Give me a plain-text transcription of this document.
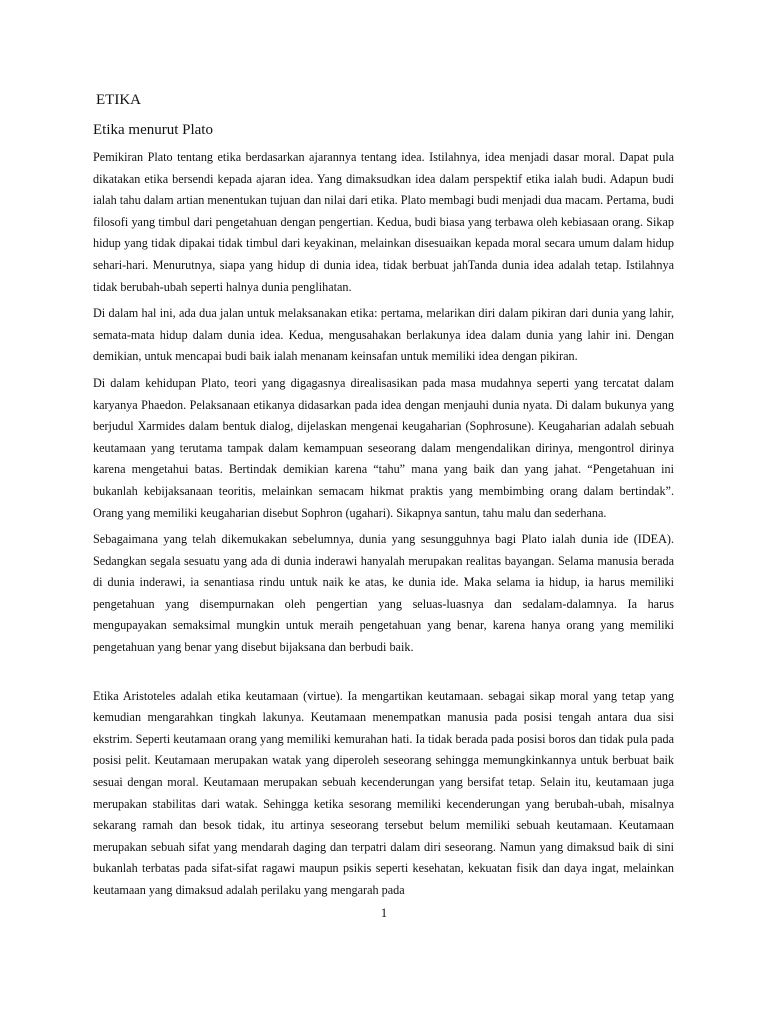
ETIKA
Etika menurut Plato

Pemikiran Plato tentang etika berdasarkan ajarannya tentang idea. Istilahnya, idea menjadi dasar moral. Dapat pula dikatakan etika bersendi kepada ajaran idea. Yang dimaksudkan idea dalam perspektif etika ialah budi. Adapun budi ialah tahu dalam artian menentukan tujuan dan nilai dari etika. Plato membagi budi menjadi dua macam. Pertama, budi filosofi yang timbul dari pengetahuan dengan pengertian. Kedua, budi biasa yang terbawa oleh kebiasaan orang. Sikap hidup yang tidak dipakai tidak timbul dari keyakinan, melainkan disesuaikan kepada moral secara umum dalam hidup sehari-hari. Menurutnya, siapa yang hidup di dunia idea, tidak berbuat jahTanda dunia idea adalah tetap. Istilahnya tidak berubah-ubah seperti halnya dunia penglihatan.

Di dalam hal ini, ada dua jalan untuk melaksanakan etika: pertama, melarikan diri dalam pikiran dari dunia yang lahir, semata-mata hidup dalam dunia idea. Kedua, mengusahakan berlakunya idea dalam dunia yang lahir ini. Dengan demikian, untuk mencapai budi baik ialah menanam keinsafan untuk memiliki idea dengan pikiran.

Di dalam kehidupan Plato, teori yang digagasnya direalisasikan pada masa mudahnya seperti yang tercatat dalam karyanya Phaedon. Pelaksanaan etikanya didasarkan pada idea dengan menjauhi dunia nyata. Di dalam bukunya yang berjudul Xarmides dalam bentuk dialog, dijelaskan mengenai keugaharian (Sophrosune). Keugaharian adalah sebuah keutamaan yang terutama tampak dalam kemampuan seseorang dalam mengendalikan dirinya, mengontrol dirinya karena mengetahui batas. Bertindak demikian karena “tahu” mana yang baik dan yang jahat. “Pengetahuan ini bukanlah kebijaksanaan teoritis, melainkan semacam hikmat praktis yang membimbing orang dalam bertindak”. Orang yang memiliki keugaharian disebut Sophron (ugahari). Sikapnya santun, tahu malu dan sederhana.

Sebagaimana yang telah dikemukakan sebelumnya, dunia yang sesungguhnya bagi Plato ialah dunia ide (IDEA). Sedangkan segala sesuatu yang ada di dunia inderawi hanyalah merupakan realitas bayangan. Selama manusia berada di dunia inderawi, ia senantiasa rindu untuk naik ke atas, ke dunia ide. Maka selama ia hidup, ia harus memiliki pengetahuan yang disempurnakan oleh pengertian yang seluas-luasnya dan sedalam-dalamnya. Ia harus mengupayakan semaksimal mungkin untuk meraih pengetahuan yang benar, karena hanya orang yang memiliki pengetahuan yang benar yang disebut bijaksana dan berbudi baik.

Etika Aristoteles adalah etika keutamaan (virtue). Ia mengartikan keutamaan. sebagai sikap moral yang tetap yang kemudian mengarahkan tingkah lakunya. Keutamaan menempatkan manusia pada posisi tengah antara dua sisi ekstrim. Seperti keutamaan orang yang memiliki kemurahan hati. Ia tidak berada pada posisi boros dan tidak pula pada posisi pelit. Keutamaan merupakan watak yang diperoleh seseorang sehingga memungkinkannya untuk berbuat baik sesuai dengan moral. Keutamaan merupakan sebuah kecenderungan yang bersifat tetap. Selain itu, keutamaan juga merupakan stabilitas dari watak. Sehingga ketika sesorang memiliki kecenderungan yang berubah-ubah, misalnya sekarang ramah dan besok tidak, itu artinya seseorang tersebut belum memiliki sebuah keutamaan. Keutamaan merupakan sebuah sifat yang mendarah daging dan terpatri dalam diri seseorang. Namun yang dimaksud baik di sini bukanlah terbatas pada sifat-sifat ragawi maupun psikis seperti kesehatan, kekuatan fisik dan daya ingat, melainkan keutamaan yang dimaksud adalah perilaku yang mengarah pada

1
